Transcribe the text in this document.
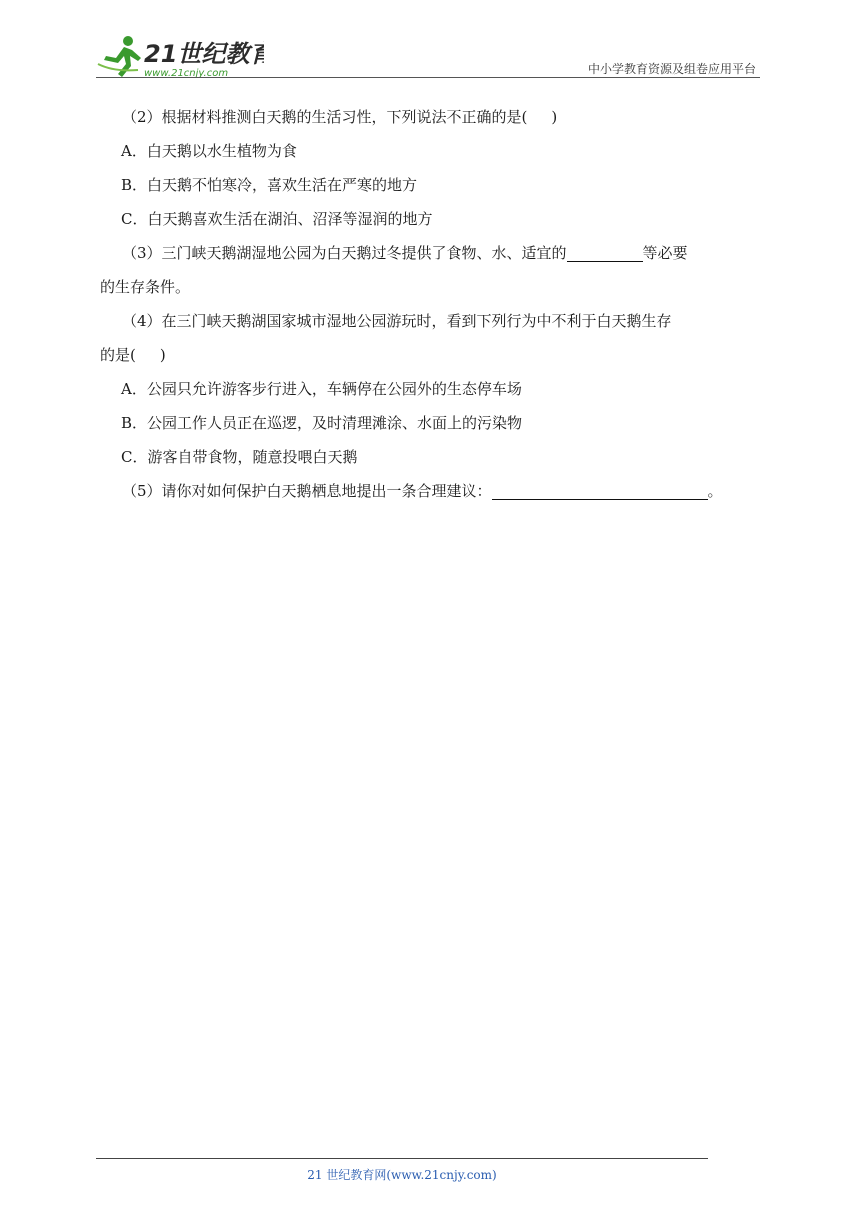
21世纪教育
www.21cnjy.com	中小学教育资源及组卷应用平台
（2）根据材料推测白天鹅的生活习性，下列说法不正确的是( )
A．白天鹅以水生植物为食
B．白天鹅不怕寒冷，喜欢生活在严寒的地方
C．白天鹅喜欢生活在湖泊、沼泽等湿润的地方
（3）三门峡天鹅湖湿地公园为白天鹅过冬提供了食物、水、适宜的	等必要
的生存条件。
（4）在三门峡天鹅湖国家城市湿地公园游玩时，看到下列行为中不利于白天鹅生存
的是( )
A．公园只允许游客步行进入，车辆停在公园外的生态停车场
B．公园工作人员正在巡逻，及时清理滩涂、水面上的污染物
C．游客自带食物，随意投喂白天鹅
（5）请你对如何保护白天鹅栖息地提出一条合理建议：	。
21 世纪教育网(www.21cnjy.com)
